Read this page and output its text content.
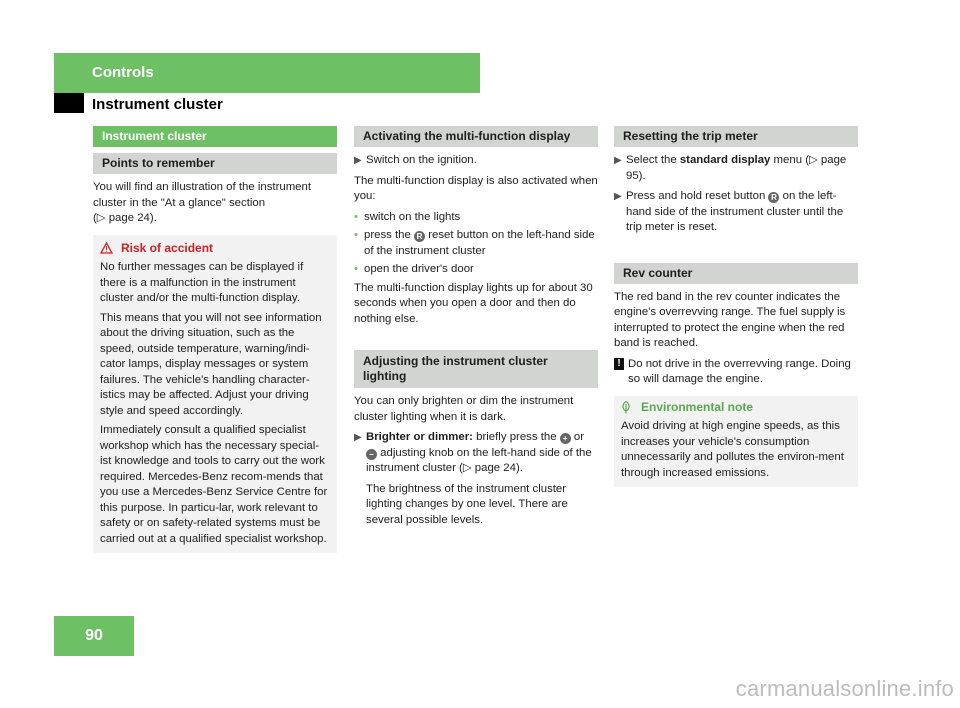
Controls
Instrument cluster
Instrument cluster
Points to remember

You will find an illustration of the instrument cluster in the "At a glance" section
(▷ page 24).

Risk of accident

No further messages can be displayed if there is a malfunction in the instrument cluster and/or the multi-function display.

This means that you will not see information about the driving situation, such as the speed, outside temperature, warning/indi-cator lamps, display messages or system failures. The vehicle's handling character-istics may be affected. Adjust your driving style and speed accordingly.

Immediately consult a qualified specialist workshop which has the necessary special-ist knowledge and tools to carry out the work required. Mercedes-Benz recom-mends that you use a Mercedes-Benz Service Centre for this purpose. In particu-lar, work relevant to safety or on safety-related systems must be carried out at a qualified specialist workshop.

Activating the multi-function display
▶ Switch on the ignition.

The multi-function display is also activated when you:

• switch on the lights
• press the R reset button on the left-hand side of the instrument cluster
• open the driver's door

The multi-function display lights up for about 30 seconds when you open a door and then do nothing else.

Adjusting the instrument cluster lighting

You can only brighten or dim the instrument cluster lighting when it is dark.

▶ Brighter or dimmer: briefly press the + or − adjusting knob on the left-hand side of the instrument cluster (▷ page 24).

The brightness of the instrument cluster lighting changes by one level. There are several possible levels.

Resetting the trip meter
▶ Select the standard display menu (▷ page 95).
▶ Press and hold reset button R on the left-hand side of the instrument cluster until the trip meter is reset.
Rev counter

The red band in the rev counter indicates the engine's overrevving range. The fuel supply is interrupted to protect the engine when the red band is reached.

! Do not drive in the overrevving range. Doing so will damage the engine.
Environmental note

Avoid driving at high engine speeds, as this increases your vehicle's consumption unnecessarily and pollutes the environ-ment through increased emissions.

90
carmanualsonline.info
